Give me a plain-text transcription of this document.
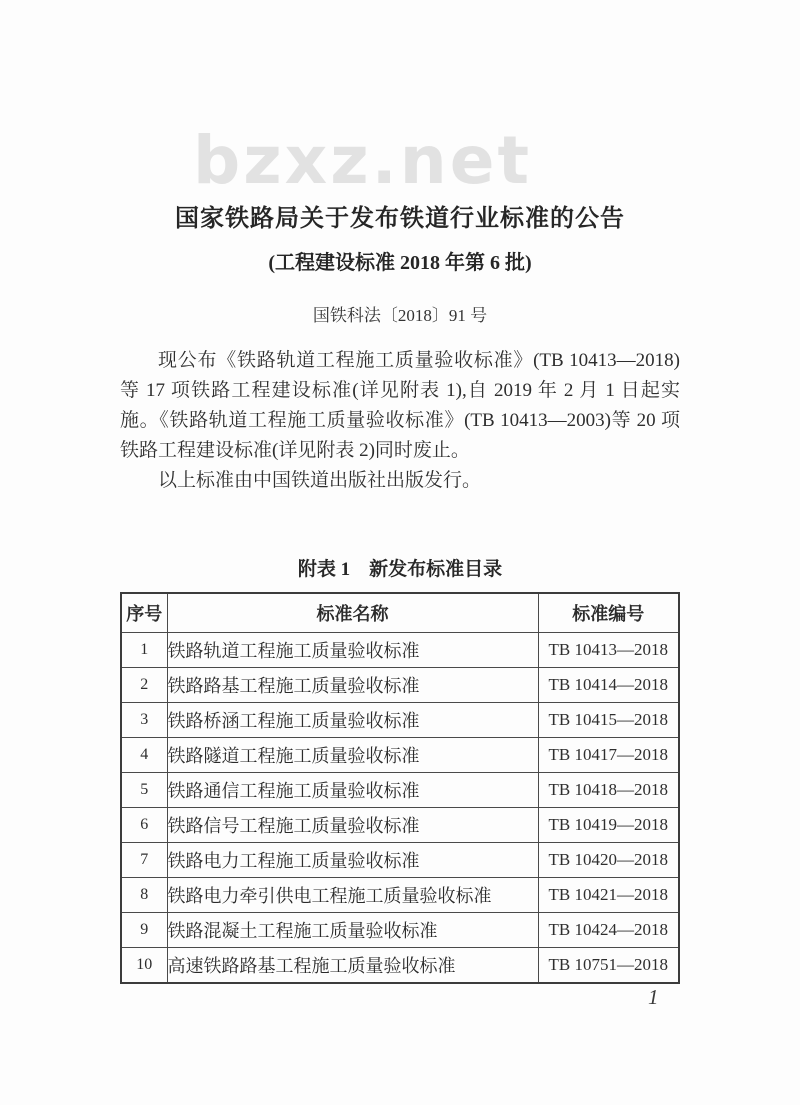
bzxz.net
国家铁路局关于发布铁道行业标准的公告
(工程建设标准 2018 年第 6 批)
国铁科法〔2018〕91 号

现公布《铁路轨道工程施工质量验收标准》(TB 10413—2018)等 17 项铁路工程建设标准(详见附表 1),自 2019 年 2 月 1 日起实施。《铁路轨道工程施工质量验收标准》(TB 10413—2003)等 20 项铁路工程建设标准(详见附表 2)同时废止。

以上标准由中国铁道出版社出版发行。

附表 1　新发布标准目录
序号	标准名称	标准编号
1	铁路轨道工程施工质量验收标准	TB 10413—2018
2	铁路路基工程施工质量验收标准	TB 10414—2018
3	铁路桥涵工程施工质量验收标准	TB 10415—2018
4	铁路隧道工程施工质量验收标准	TB 10417—2018
5	铁路通信工程施工质量验收标准	TB 10418—2018
6	铁路信号工程施工质量验收标准	TB 10419—2018
7	铁路电力工程施工质量验收标准	TB 10420—2018
8	铁路电力牵引供电工程施工质量验收标准	TB 10421—2018
9	铁路混凝土工程施工质量验收标准	TB 10424—2018
10	高速铁路路基工程施工质量验收标准	TB 10751—2018
1
